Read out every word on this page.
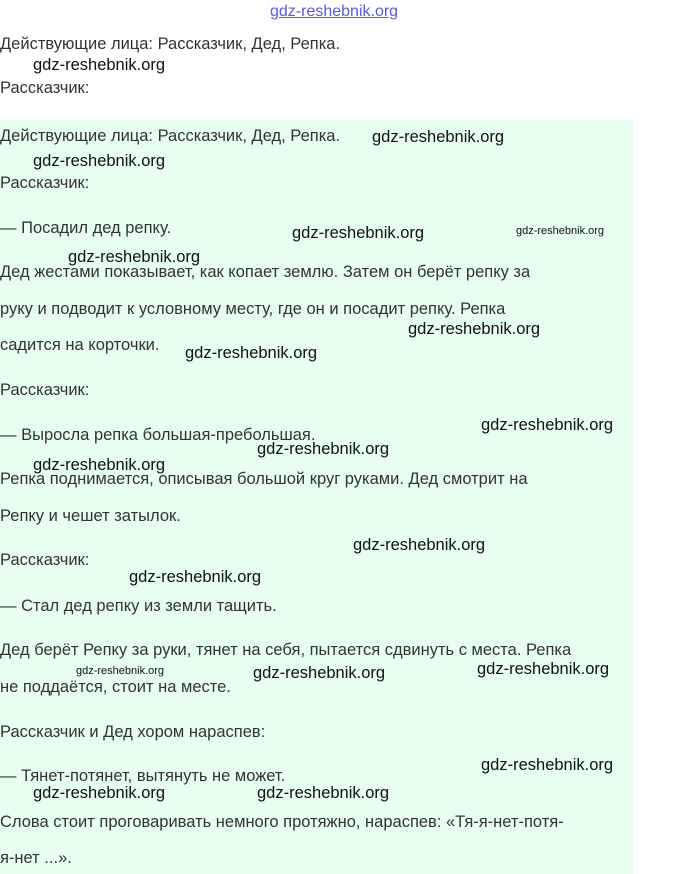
gdz-reshebnik.org
Действующие лица: Рассказчик, Дед, Репка.
Рассказчик:
Действующие лица: Рассказчик, Дед, Репка.
Рассказчик:
— Посадил дед репку.
Дед жестами показывает, как копает землю. Затем он берёт репку за
руку и подводит к условному месту, где он и посадит репку. Репка
садится на корточки.
Рассказчик:
— Выросла репка большая-пребольшая.
Репка поднимается, описывая большой круг руками. Дед смотрит на
Репку и чешет затылок.
Рассказчик:
— Стал дед репку из земли тащить.
Дед берёт Репку за руки, тянет на себя, пытается сдвинуть с места. Репка
не поддаётся, стоит на месте.
Рассказчик и Дед хором нараспев:
— Тянет-потянет, вытянуть не может.
Слова стоит проговаривать немного протяжно, нараспев: «Тя-я-нет-потя-
я-нет ...».
gdz-reshebnik.org
gdz-reshebnik.org
gdz-reshebnik.org
gdz-reshebnik.org	gdz-reshebnik.org
gdz-reshebnik.org
gdz-reshebnik.org
gdz-reshebnik.org
gdz-reshebnik.org
gdz-reshebnik.org
gdz-reshebnik.org
gdz-reshebnik.org
gdz-reshebnik.org
gdz-reshebnik.org	gdz-reshebnik.org	gdz-reshebnik.org
gdz-reshebnik.org
gdz-reshebnik.org	gdz-reshebnik.org
